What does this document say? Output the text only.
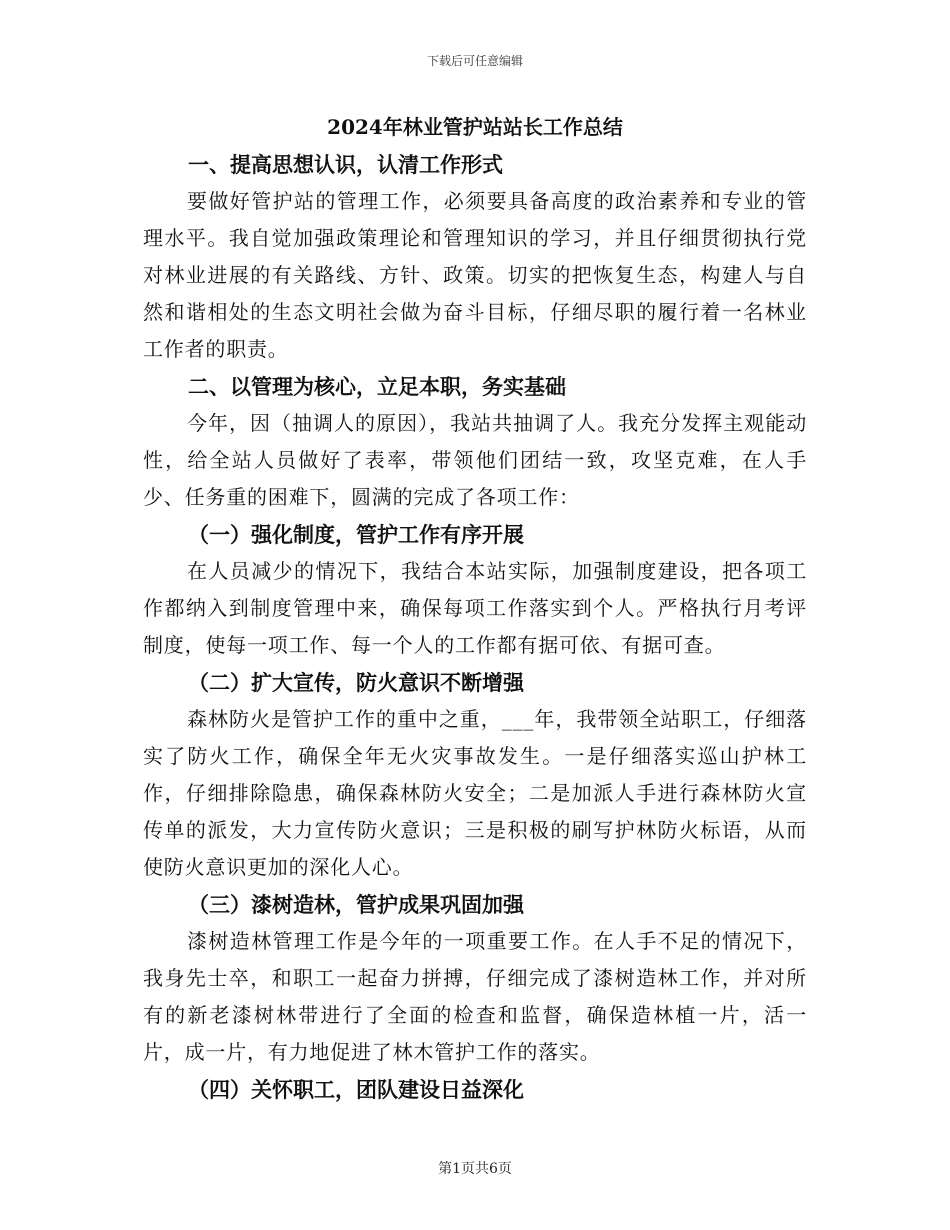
下载后可任意编辑
2024年林业管护站站长工作总结
一、提高思想认识，认清工作形式

要做好管护站的管理工作，必须要具备高度的政治素养和专业的管理水平。我自觉加强政策理论和管理知识的学习，并且仔细贯彻执行党对林业进展的有关路线、方针、政策。切实的把恢复生态，构建人与自然和谐相处的生态文明社会做为奋斗目标，仔细尽职的履行着一名林业工作者的职责。

二、以管理为核心，立足本职，务实基础

今年，因（抽调人的原因），我站共抽调了人。我充分发挥主观能动性，给全站人员做好了表率，带领他们团结一致，攻坚克难，在人手少、任务重的困难下，圆满的完成了各项工作：

（一）强化制度，管护工作有序开展

在人员减少的情况下，我结合本站实际，加强制度建设，把各项工作都纳入到制度管理中来，确保每项工作落实到个人。严格执行月考评制度，使每一项工作、每一个人的工作都有据可依、有据可查。

（二）扩大宣传，防火意识不断增强

森林防火是管护工作的重中之重，___年，我带领全站职工，仔细落实了防火工作，确保全年无火灾事故发生。一是仔细落实巡山护林工作，仔细排除隐患，确保森林防火安全；二是加派人手进行森林防火宣传单的派发，大力宣传防火意识；三是积极的刷写护林防火标语，从而使防火意识更加的深化人心。

（三）漆树造林，管护成果巩固加强

漆树造林管理工作是今年的一项重要工作。在人手不足的情况下，我身先士卒，和职工一起奋力拼搏，仔细完成了漆树造林工作，并对所有的新老漆树林带进行了全面的检查和监督，确保造林植一片，活一片，成一片，有力地促进了林木管护工作的落实。

（四）关怀职工，团队建设日益深化
第1页共6页
